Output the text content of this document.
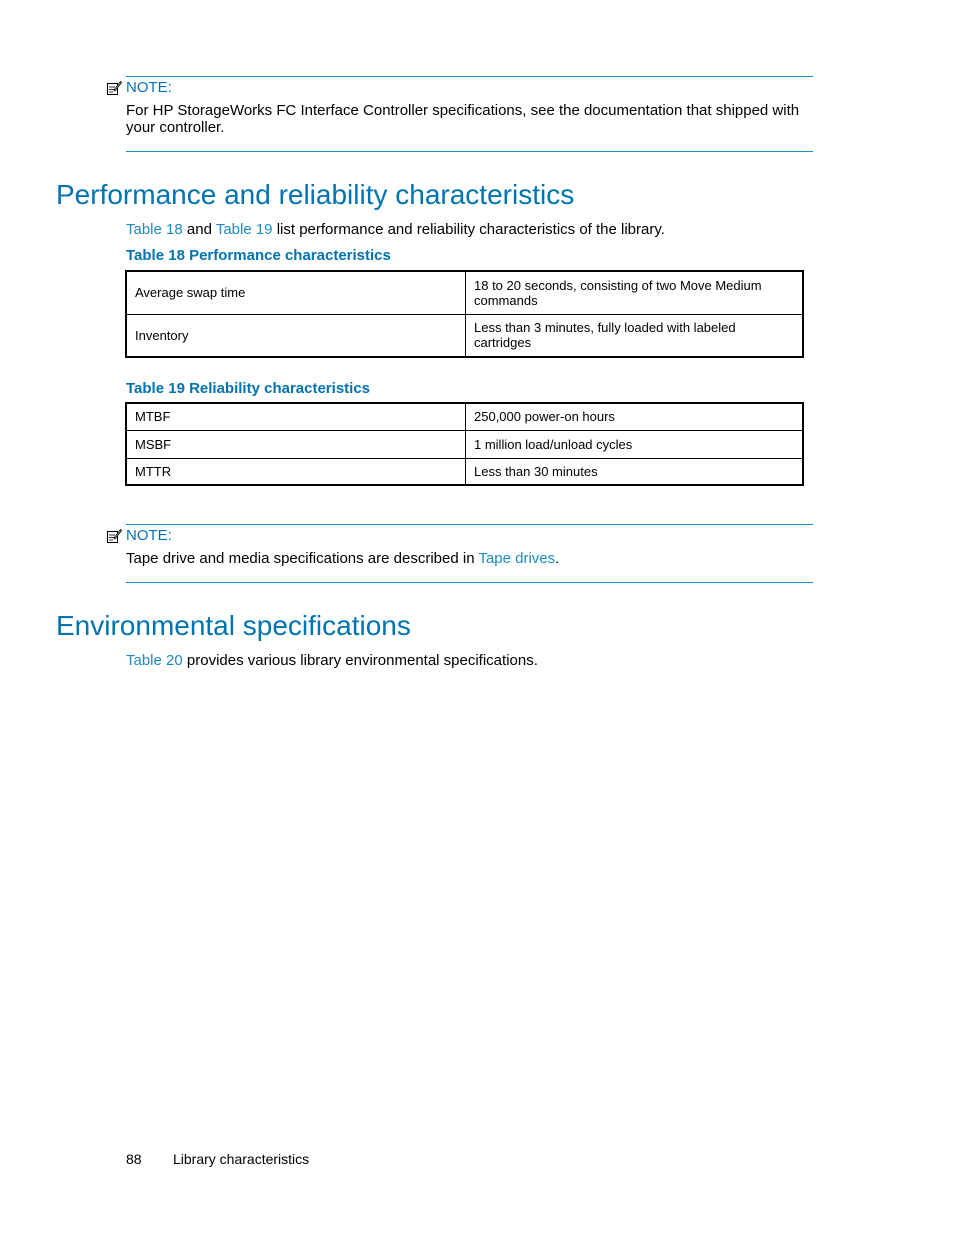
NOTE:
For HP StorageWorks FC Interface Controller specifications, see the documentation that shipped with your controller.
Performance and reliability characteristics
Table 18 and Table 19 list performance and reliability characteristics of the library.
Table 18 Performance characteristics
Average swap time	18 to 20 seconds, consisting of two Move Medium commands
Inventory	Less than 3 minutes, fully loaded with labeled cartridges
Table 19 Reliability characteristics
MTBF	250,000 power-on hours
MSBF	1 million load/unload cycles
MTTR	Less than 30 minutes
NOTE:
Tape drive and media specifications are described in Tape drives.
Environmental specifications
Table 20 provides various library environmental specifications.
88 Library characteristics
